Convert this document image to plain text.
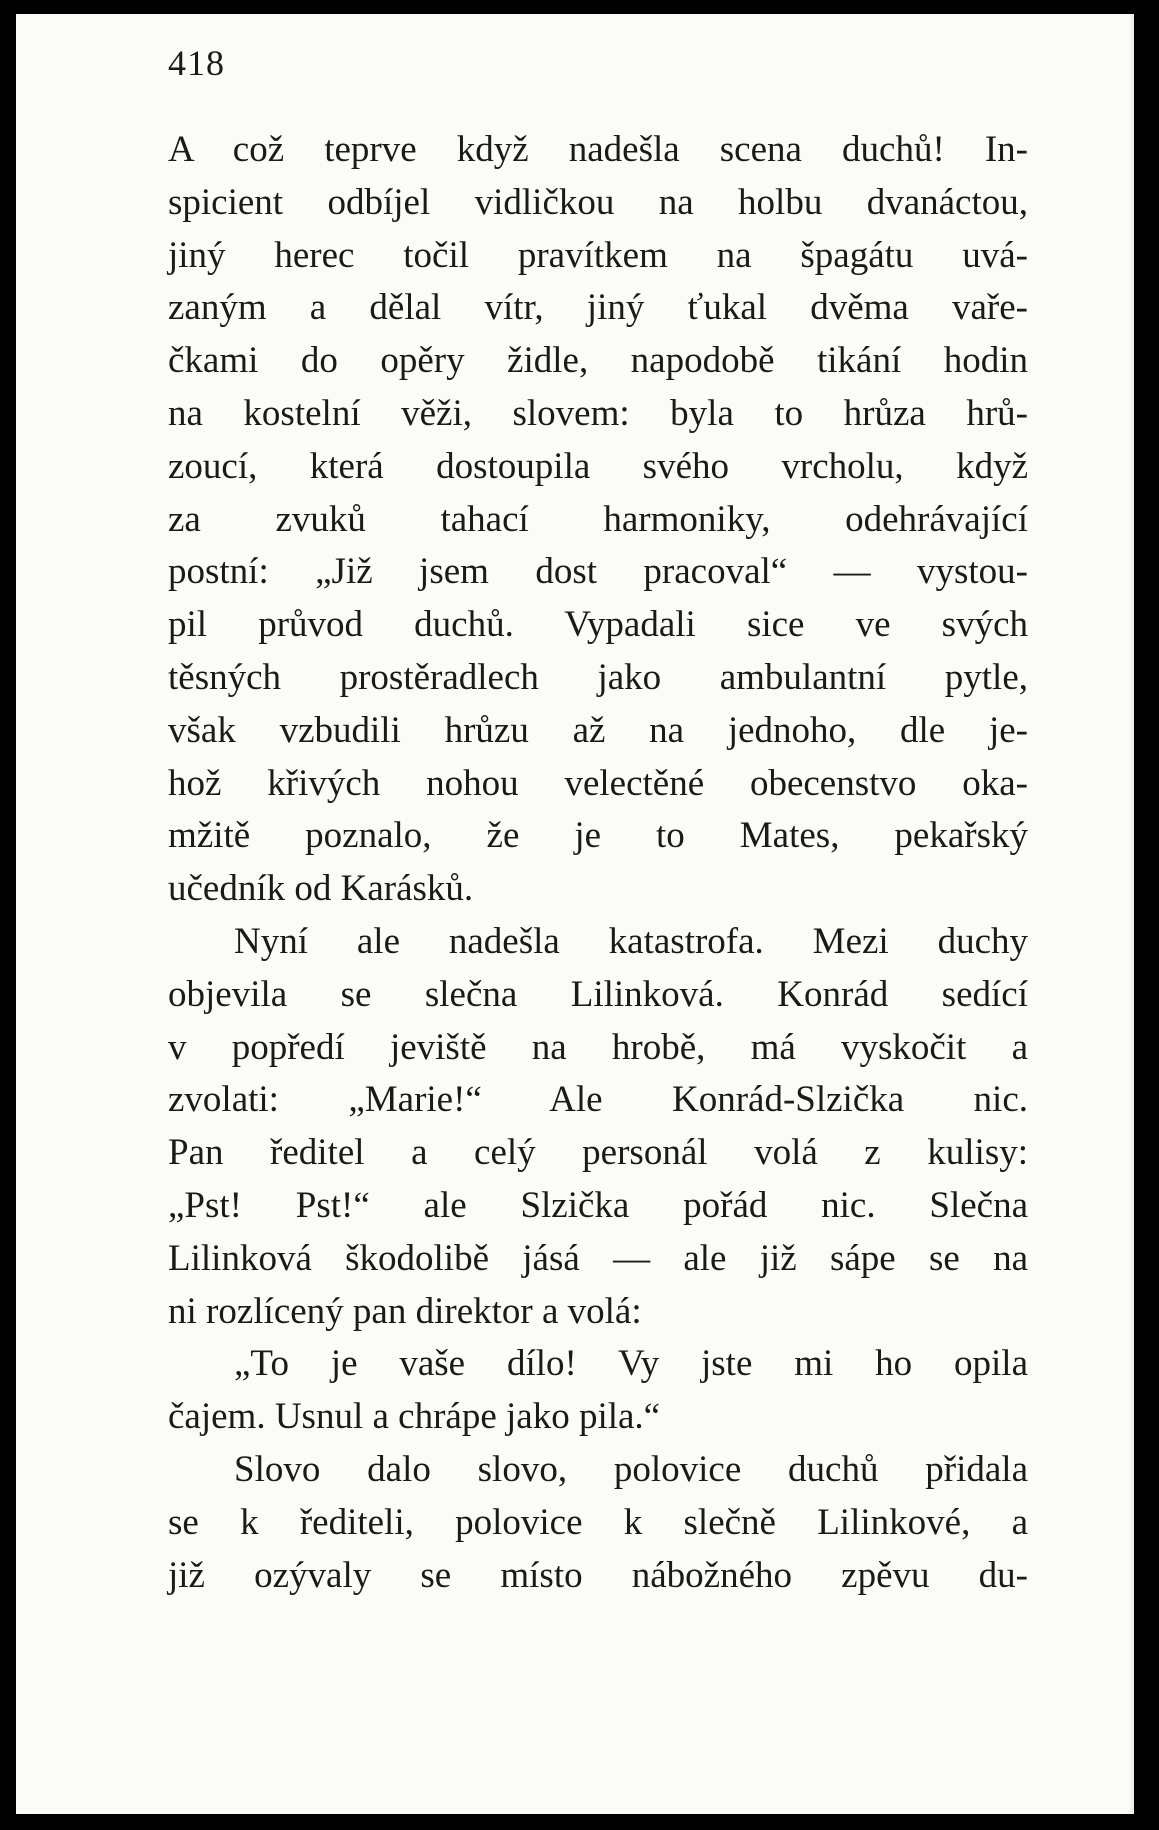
418
A což teprve když nadešla scena duchů! In-
spicient odbíjel vidličkou na holbu dvanáctou,
jiný herec točil pravítkem na špagátu uvá-
zaným a dělal vítr, jiný ťukal dvěma vaře-
čkami do opěry židle, napodobě tikání hodin
na kostelní věži, slovem: byla to hrůza hrů-
zoucí, která dostoupila svého vrcholu, když
za zvuků tahací harmoniky, odehrávající
postní: „Již jsem dost pracoval“ — vystou-
pil průvod duchů. Vypadali sice ve svých
těsných prostěradlech jako ambulantní pytle,
však vzbudili hrůzu až na jednoho, dle je-
hož křivých nohou velectěné obecenstvo oka-
mžitě poznalo, že je to Mates, pekařský
učedník od Karásků.
Nyní ale nadešla katastrofa. Mezi duchy
objevila se slečna Lilinková. Konrád sedící
v popředí jeviště na hrobě, má vyskočit a
zvolati: „Marie!“ Ale Konrád-Slzička nic.
Pan ředitel a celý personál volá z kulisy:
„Pst! Pst!“ ale Slzička pořád nic. Slečna
Lilinková škodolibě jásá — ale již sápe se na
ni rozlícený pan direktor a volá:
„To je vaše dílo! Vy jste mi ho opila
čajem. Usnul a chrápe jako pila.“
Slovo dalo slovo, polovice duchů přidala
se k řediteli, polovice k slečně Lilinkové, a
již ozývaly se místo nábožného zpěvu du-
